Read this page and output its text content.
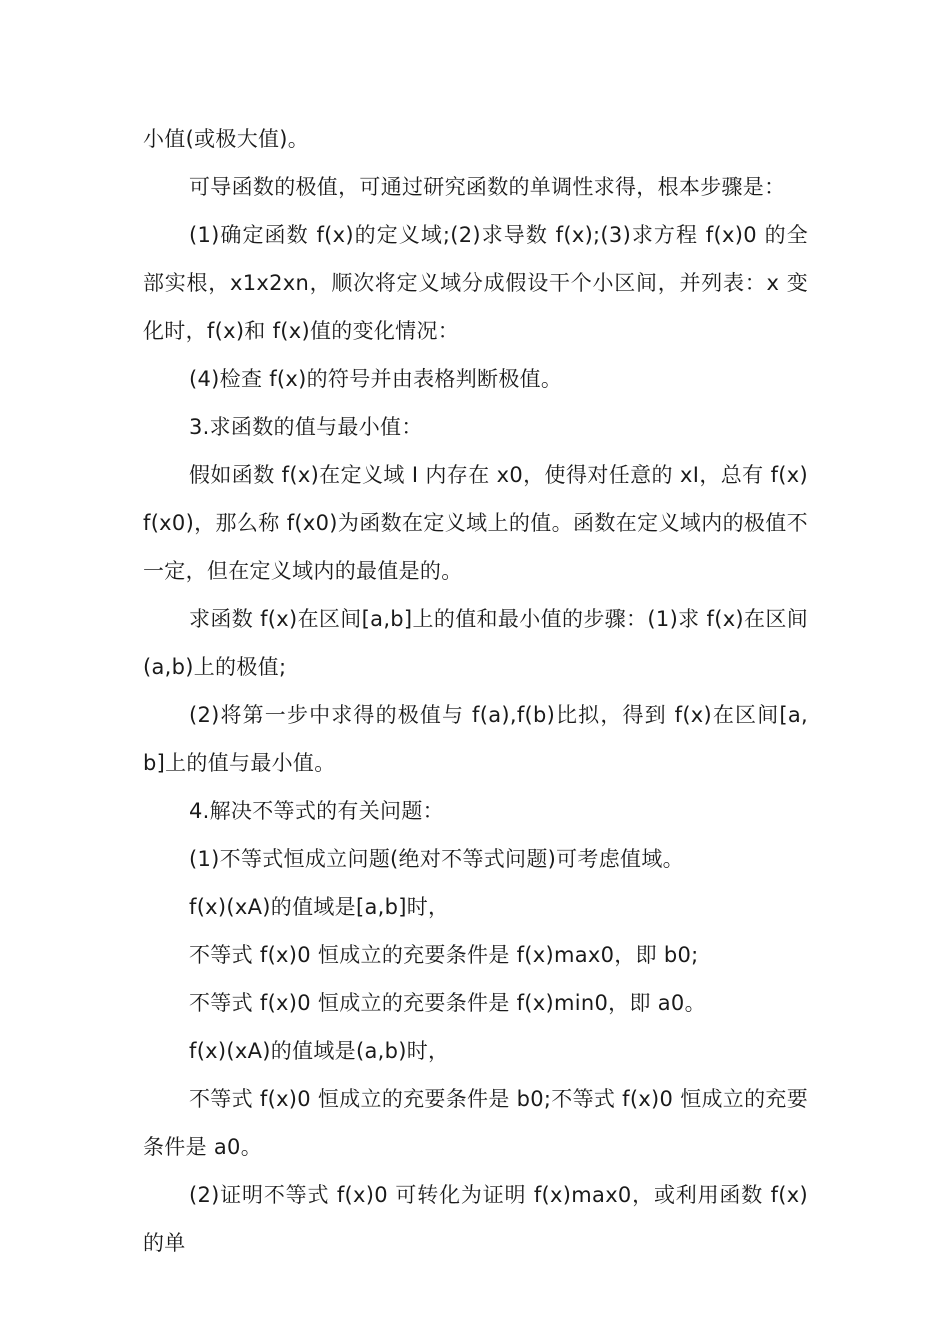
小值(或极大值)。

可导函数的极值，可通过研究函数的单调性求得，根本步骤是：

(1)确定函数 f(x)的定义域;(2)求导数 f(x);(3)求方程 f(x)0 的全部实根，x1x2xn，顺次将定义域分成假设干个小区间，并列表：x 变化时，f(x)和 f(x)值的变化情况：

(4)检查 f(x)的符号并由表格判断极值。

3.求函数的值与最小值：

假如函数 f(x)在定义域 I 内存在 x0，使得对任意的 xI，总有 f(x)f(x0)，那么称 f(x0)为函数在定义域上的值。函数在定义域内的极值不一定，但在定义域内的最值是的。

求函数 f(x)在区间[a,b]上的值和最小值的步骤：(1)求 f(x)在区间(a,b)上的极值;

(2)将第一步中求得的极值与 f(a),f(b)比拟，得到 f(x)在区间[a,b]上的值与最小值。

4.解决不等式的有关问题：

(1)不等式恒成立问题(绝对不等式问题)可考虑值域。

f(x)(xA)的值域是[a,b]时，

不等式 f(x)0 恒成立的充要条件是 f(x)max0，即 b0;

不等式 f(x)0 恒成立的充要条件是 f(x)min0，即 a0。

f(x)(xA)的值域是(a,b)时，

不等式 f(x)0 恒成立的充要条件是 b0;不等式 f(x)0 恒成立的充要条件是 a0。

(2)证明不等式 f(x)0 可转化为证明 f(x)max0，或利用函数 f(x)的单
